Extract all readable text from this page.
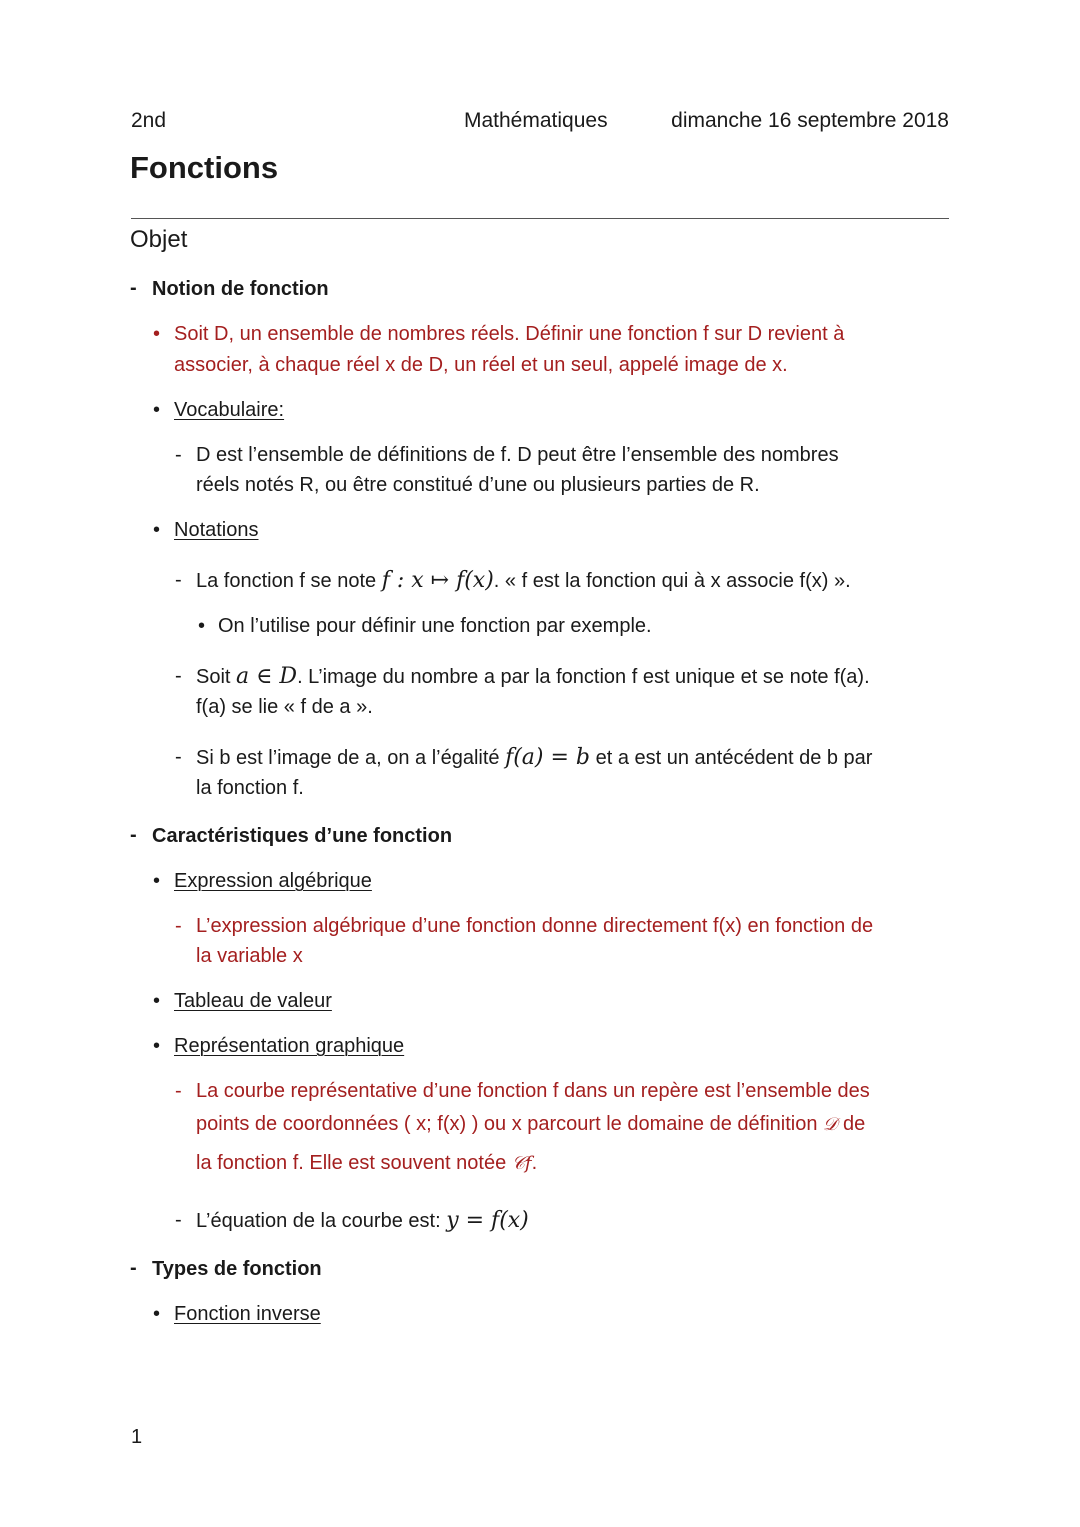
2nd	Mathématiques	dimanche 16 septembre 2018
Fonctions
Objet
- Notion de fonction
• Soit D, un ensemble de nombres réels. Définir une fonction f sur D revient à
associer, à chaque réel x de D, un réel et un seul, appelé image de x.
• Vocabulaire:
- D est l’ensemble de définitions de f. D peut être l’ensemble des nombres
réels notés R, ou être constitué d’une ou plusieurs parties de R.
• Notations
- La fonction f se note f : x ↦ f(x). « f est la fonction qui à x associe f(x) ».
• On l’utilise pour définir une fonction par exemple.
- Soit a ∈ D. L’image du nombre a par la fonction f est unique et se note f(a).
f(a) se lie « f de a ».
- Si b est l’image de a, on a l’égalité f(a) = b et a est un antécédent de b par
la fonction f.
- Caractéristiques d’une fonction
• Expression algébrique
- L’expression algébrique d’une fonction donne directement f(x) en fonction de
la variable x
• Tableau de valeur
• Représentation graphique
- La courbe représentative d’une fonction f dans un repère est l’ensemble des
points de coordonnées ( x; f(x) ) ou x parcourt le domaine de définition 𝒟 de
la fonction f. Elle est souvent notée 𝒞f.
- L’équation de la courbe est: y = f(x)
- Types de fonction
• Fonction inverse
1
